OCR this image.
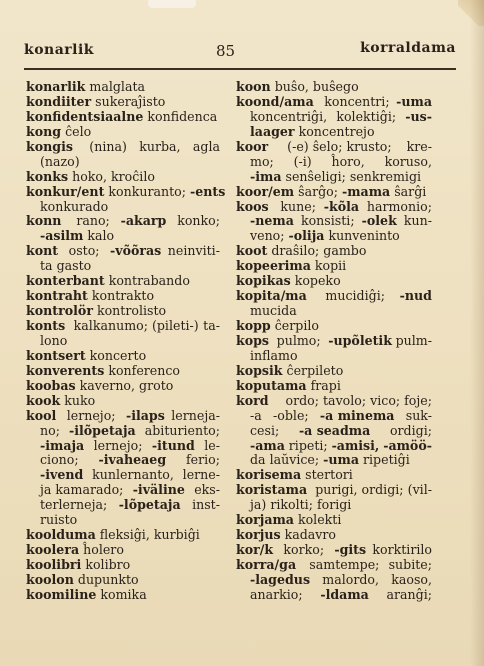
konarlik	85	korraldama
konarlik malglata
kondiiter sukeraĵisto
konfidentsiaalne konfidenca
kong ĉelo
kongis (nina) kurba, agla
(nazo)
konks hoko, kroĉilo
konkur/ent konkuranto; -ents
konkurado
konn rano; -akarp konko;
-asilm kalo
kont osto; -võõras neinviti-
ta gasto
konterbant kontrabando
kontraht kontrakto
kontrolör kontrolisto
konts kalkanumo; (pileti-) ta-
lono
kontsert koncerto
konverents konferenco
koobas kaverno, groto
kook kuko
kool lernejo; -ilaps lerneja-
no; -ilõpetaja abituriento;
-imaja lernejo; -itund le-
ciono; -ivaheaeg ferio;
-ivend kunlernanto, lerne-
ja kamarado; -iväline eks-
terlerneja; -lõpetaja inst-
ruisto
koolduma fleksiĝi, kurbiĝi
koolera ĥolero
koolibri kolibro
koolon dupunkto
koomiline komika
koon buŝo, buŝego
koond/ama koncentri; -uma
koncentriĝi, kolektiĝi; -us-
laager koncentrejo
koor (-e) ŝelo; krusto; kre-
mo; (-i) ĥoro, koruso,
-ima senŝeligi; senkremigi
koor/em ŝarĝo; -mama ŝarĝi
koos kune; -kõla harmonio;
-nema konsisti; -olek kun-
veno; -olija kunveninto
koot draŝilo; gambo
kopeerima kopii
kopikas kopeko
kopita/ma mucidiĝi; -nud
mucida
kopp ĉerpilo
kops pulmo; -upõletik pulm-
inflamo
kopsik ĉerpileto
koputama frapi
kord ordo; tavolo; vico; foje;
-a -oble; -a minema suk-
cesi; -a seadma ordigi;
-ama ripeti; -amisi, -amöö-
da laŭvice; -uma ripetiĝi
korisema stertori
koristama purigi, ordigi; (vil-
ja) rikolti; forigi
korjama kolekti
korjus kadavro
kor/k korko; -gits korktirilo
korra/ga samtempe; subite;
-lagedus malordo, kaoso,
anarkio; -ldama aranĝi;
